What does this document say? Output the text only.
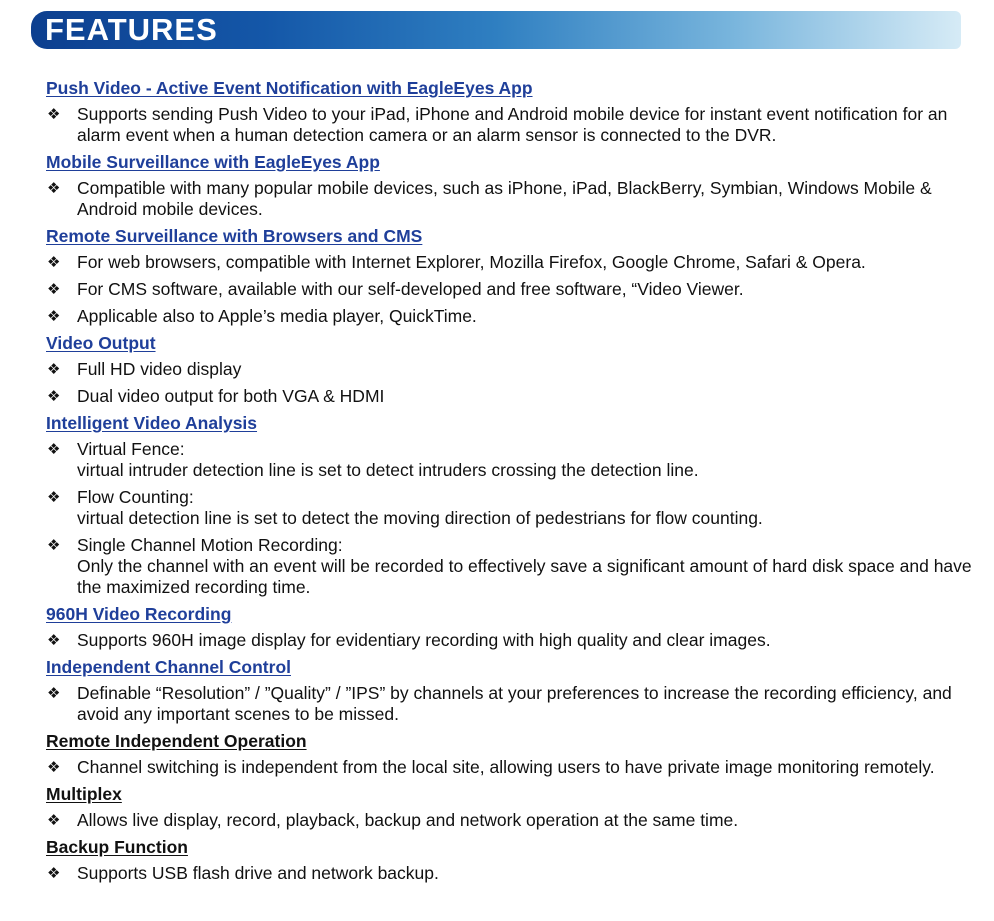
FEATURES
Push Video - Active Event Notification with EagleEyes App
❖ Supports sending Push Video to your iPad, iPhone and Android mobile device for instant event notification for an alarm event when a human detection camera or an alarm sensor is connected to the DVR.
Mobile Surveillance with EagleEyes App
❖ Compatible with many popular mobile devices, such as iPhone, iPad, BlackBerry, Symbian, Windows Mobile & Android mobile devices.
Remote Surveillance with Browsers and CMS
❖ For web browsers, compatible with Internet Explorer, Mozilla Firefox, Google Chrome, Safari & Opera.
❖ For CMS software, available with our self-developed and free software, “Video Viewer.
❖ Applicable also to Apple’s media player, QuickTime.
Video Output
❖ Full HD video display
❖ Dual video output for both VGA & HDMI
Intelligent Video Analysis
❖ Virtual Fence:
virtual intruder detection line is set to detect intruders crossing the detection line.
❖ Flow Counting:
virtual detection line is set to detect the moving direction of pedestrians for flow counting.
❖ Single Channel Motion Recording:
Only the channel with an event will be recorded to effectively save a significant amount of hard disk space and have the maximized recording time.
960H Video Recording
❖ Supports 960H image display for evidentiary recording with high quality and clear images.
Independent Channel Control
❖ Definable “Resolution” / ”Quality” / ”IPS” by channels at your preferences to increase the recording efficiency, and avoid any important scenes to be missed.
Remote Independent Operation
❖ Channel switching is independent from the local site, allowing users to have private image monitoring remotely.
Multiplex
❖ Allows live display, record, playback, backup and network operation at the same time.
Backup Function
❖ Supports USB flash drive and network backup.
